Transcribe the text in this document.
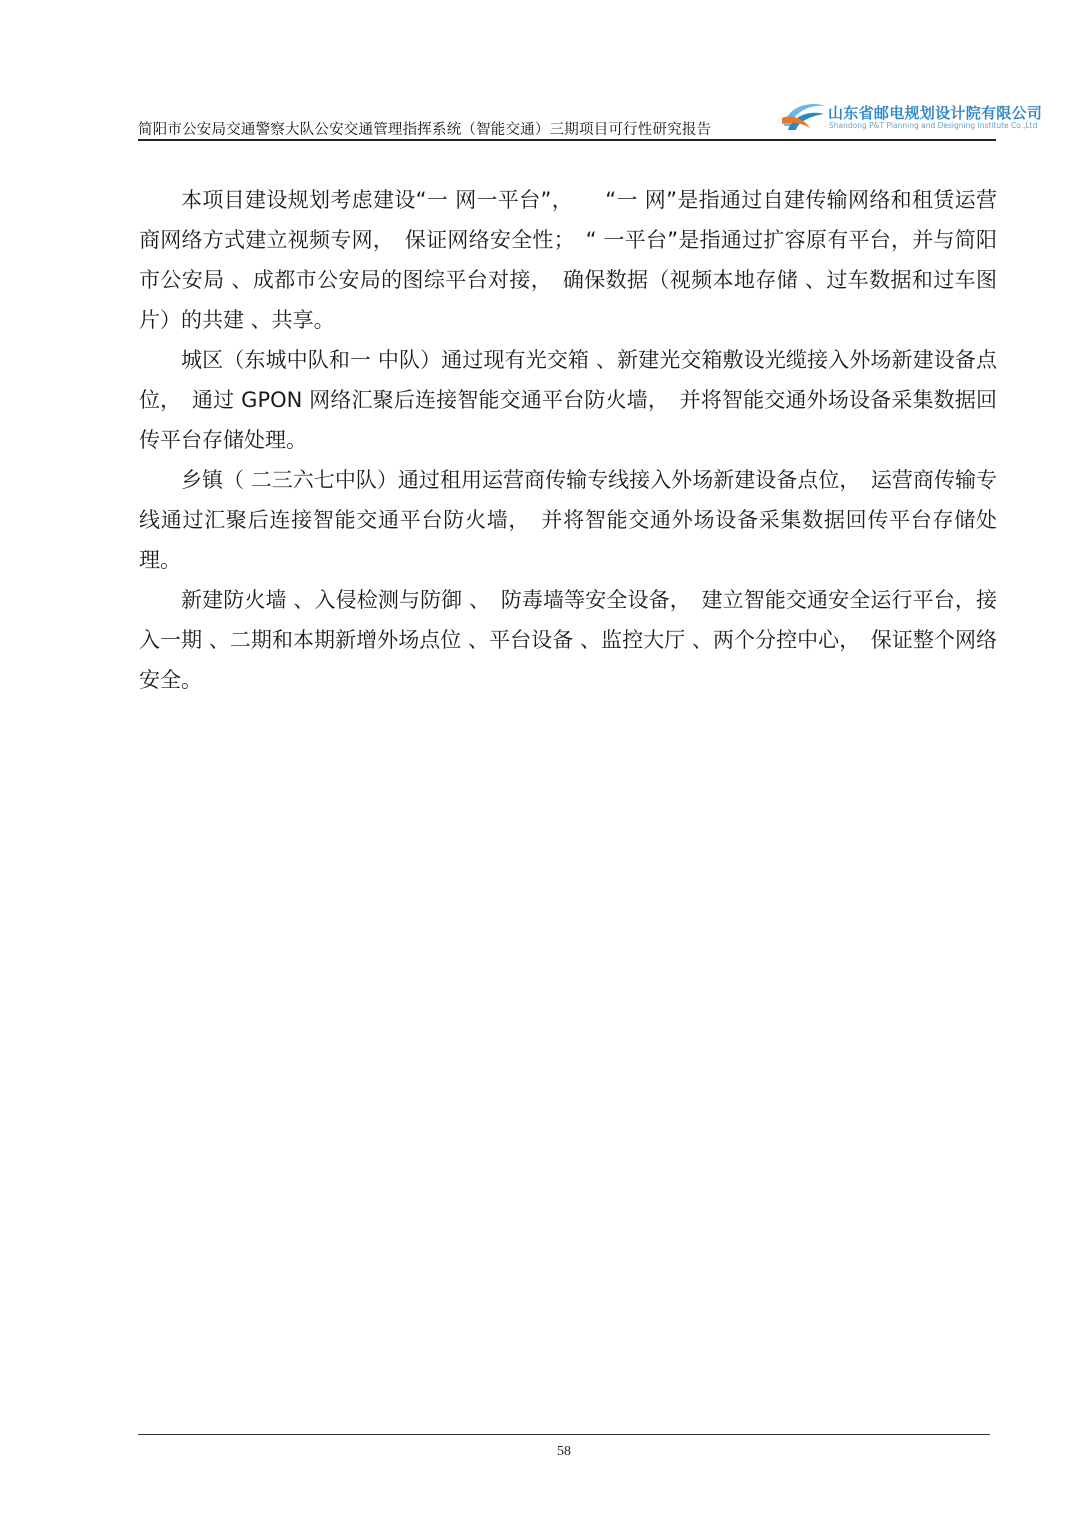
简阳市公安局交通警察大队公安交通管理指挥系统（智能交通）三期项目可行性研究报告
山东省邮电规划设计院有限公司
Shandong P&T Planning and Designing Institute Co.,Ltd

本项目建设规划考虑建设“一 网一平台”，　　“一 网”是指通过自建传输网络和租赁运营商网络方式建立视频专网，　保证网络安全性；　“ 一平台”是指通过扩容原有平台，并与简阳市公安局 、成都市公安局的图综平台对接，　确保数据（视频本地存储 、过车数据和过车图片）的共建 、共享。

城区（东城中队和一 中队）通过现有光交箱 、新建光交箱敷设光缆接入外场新建设备点位，　通过 GPON 网络汇聚后连接智能交通平台防火墙，　并将智能交通外场设备采集数据回传平台存储处理。

乡镇（ 二三六七中队）通过租用运营商传输专线接入外场新建设备点位，　运营商传输专线通过汇聚后连接智能交通平台防火墙，　并将智能交通外场设备采集数据回传平台存储处理。

新建防火墙 、入侵检测与防御 、　防毒墙等安全设备，　建立智能交通安全运行平台，接入一期 、二期和本期新增外场点位 、平台设备 、监控大厅 、两个分控中心，　保证整个网络安全。

58
